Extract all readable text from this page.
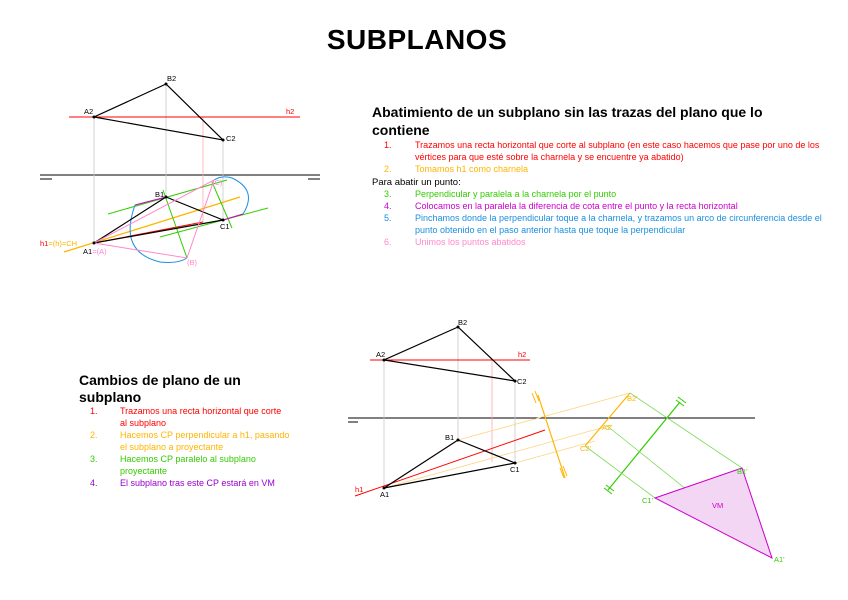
SUBPLANOS
B2
A2
C2
h2
B1
C1
A1=(A)
h1=(h)=CH
(C)
(B)
B2
A2
C2
h2
B1
C1
A1
h1
B2'
A2'
C2'
B1'
C1'
A1'
VM
Abatimiento de un subplano sin las trazas del plano que lo contiene
1.	Trazamos una recta horizontal que corte al subplano (en este caso hacemos que pase por uno de los vértices para que esté sobre la charnela y se encuentre ya abatido)
2.	Tomamos h1 como charnela
Para abatir un punto:
3.	Perpendicular y paralela a la charnela por el punto
4.	Colocamos en la paralela la diferencia de cota entre el punto y la recta horizontal
5.	Pinchamos donde la perpendicular toque a la charnela, y trazamos un arco de circunferencia desde el punto obtenido en el paso anterior hasta que toque la perpendicular
6.	Unimos los puntos abatidos
Cambios de plano de un subplano
1. Trazamos una recta horizontal que corte al subplano
2. Hacemos CP perpendicular a h1, pasando el subplano a proyectante
3. Hacemos CP paralelo al subplano proyectante
4. El subplano tras este CP estará en VM
